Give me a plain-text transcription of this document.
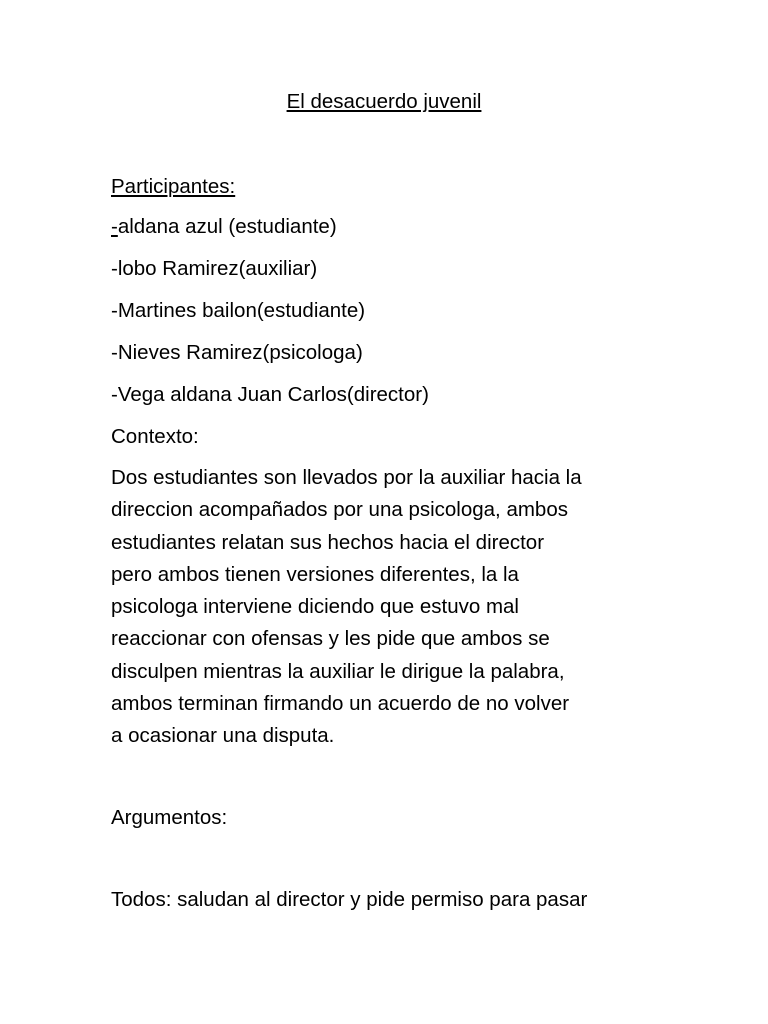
El desacuerdo juvenil
Participantes:
-aldana azul (estudiante)
-lobo Ramirez(auxiliar)
-Martines bailon(estudiante)
-Nieves Ramirez(psicologa)
-Vega aldana Juan Carlos(director)
Contexto:
Dos estudiantes son llevados por la auxiliar hacia la
direccion acompañados por una psicologa, ambos
estudiantes relatan sus hechos hacia el director
pero ambos tienen versiones diferentes, la la
psicologa interviene diciendo que estuvo mal
reaccionar con ofensas y les pide que ambos se
disculpen mientras la auxiliar le dirigue la palabra,
ambos terminan firmando un acuerdo de no volver
a ocasionar una disputa.
Argumentos:
Todos: saludan al director y pide permiso para pasar
